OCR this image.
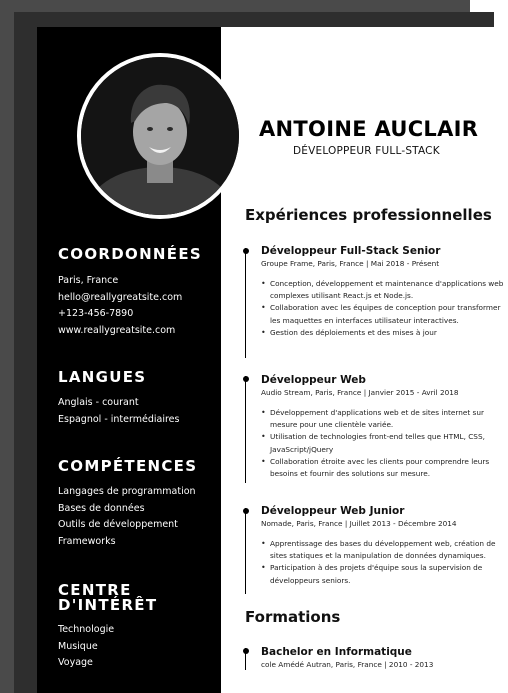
COORDONNÉES
Paris, France
hello@reallygreatsite.com
+123-456-7890
www.reallygreatsite.com
LANGUES
Anglais - courant
Espagnol - intermédiaires
COMPÉTENCES
Langages de programmation
Bases de données
Outils de développement
Frameworks
CENTRE
D'INTÉRÊT
Technologie
Musique
Voyage
ANTOINE AUCLAIR
DÉVELOPPEUR FULL-STACK
Expériences professionnelles
Développeur Full-Stack Senior
Groupe Frame, Paris, France | Mai 2018 - Présent
• Conception, développement et maintenance d'applications web complexes utilisant React.js et Node.js.
• Collaboration avec les équipes de conception pour transformer les maquettes en interfaces utilisateur interactives.
• Gestion des déploiements et des mises à jour
Développeur Web
Audio Stream, Paris, France | Janvier 2015 - Avril 2018
• Développement d'applications web et de sites internet sur mesure pour une clientèle variée.
• Utilisation de technologies front-end telles que HTML, CSS, JavaScript/jQuery
• Collaboration étroite avec les clients pour comprendre leurs besoins et fournir des solutions sur mesure.
Développeur Web Junior
Nomade, Paris, France | Juillet 2013 - Décembre 2014
• Apprentissage des bases du développement web, création de sites statiques et la manipulation de données dynamiques.
• Participation à des projets d'équipe sous la supervision de développeurs seniors.
Formations
Bachelor en Informatique
cole Amédé Autran, Paris, France | 2010 - 2013
